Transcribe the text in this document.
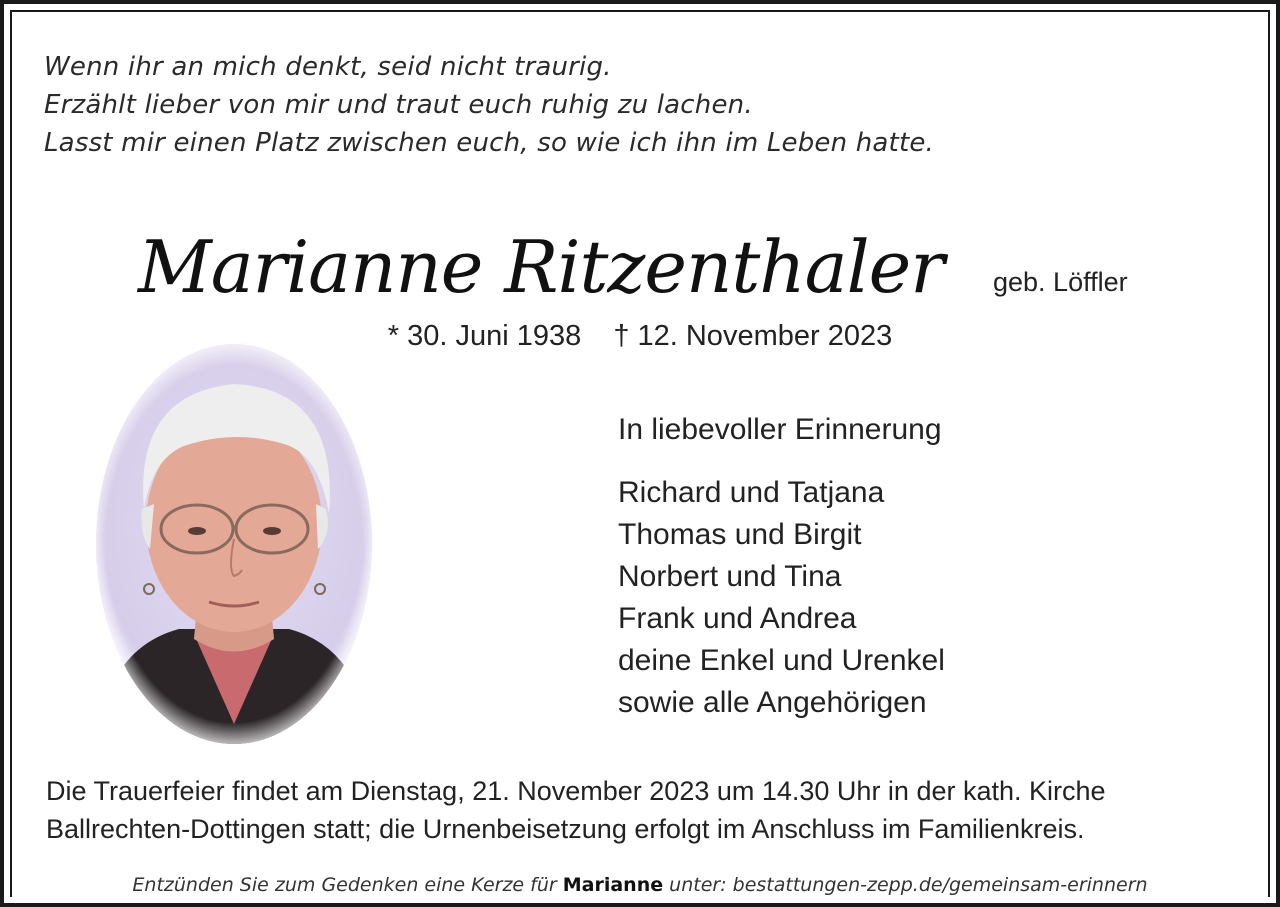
Wenn ihr an mich denkt, seid nicht traurig.
Erzählt lieber von mir und traut euch ruhig zu lachen.
Lasst mir einen Platz zwischen euch, so wie ich ihn im Leben hatte.
Marianne Ritzenthaler geb. Löffler
* 30. Juni 1938 † 12. November 2023
In liebevoller Erinnerung
Richard und Tatjana
Thomas und Birgit
Norbert und Tina
Frank und Andrea
deine Enkel und Urenkel
sowie alle Angehörigen
Die Trauerfeier findet am Dienstag, 21. November 2023 um 14.30 Uhr in der kath. Kirche
Ballrechten-Dottingen statt; die Urnenbeisetzung erfolgt im Anschluss im Familienkreis.
Entzünden Sie zum Gedenken eine Kerze für Marianne unter: bestattungen-zepp.de/gemeinsam-erinnern
